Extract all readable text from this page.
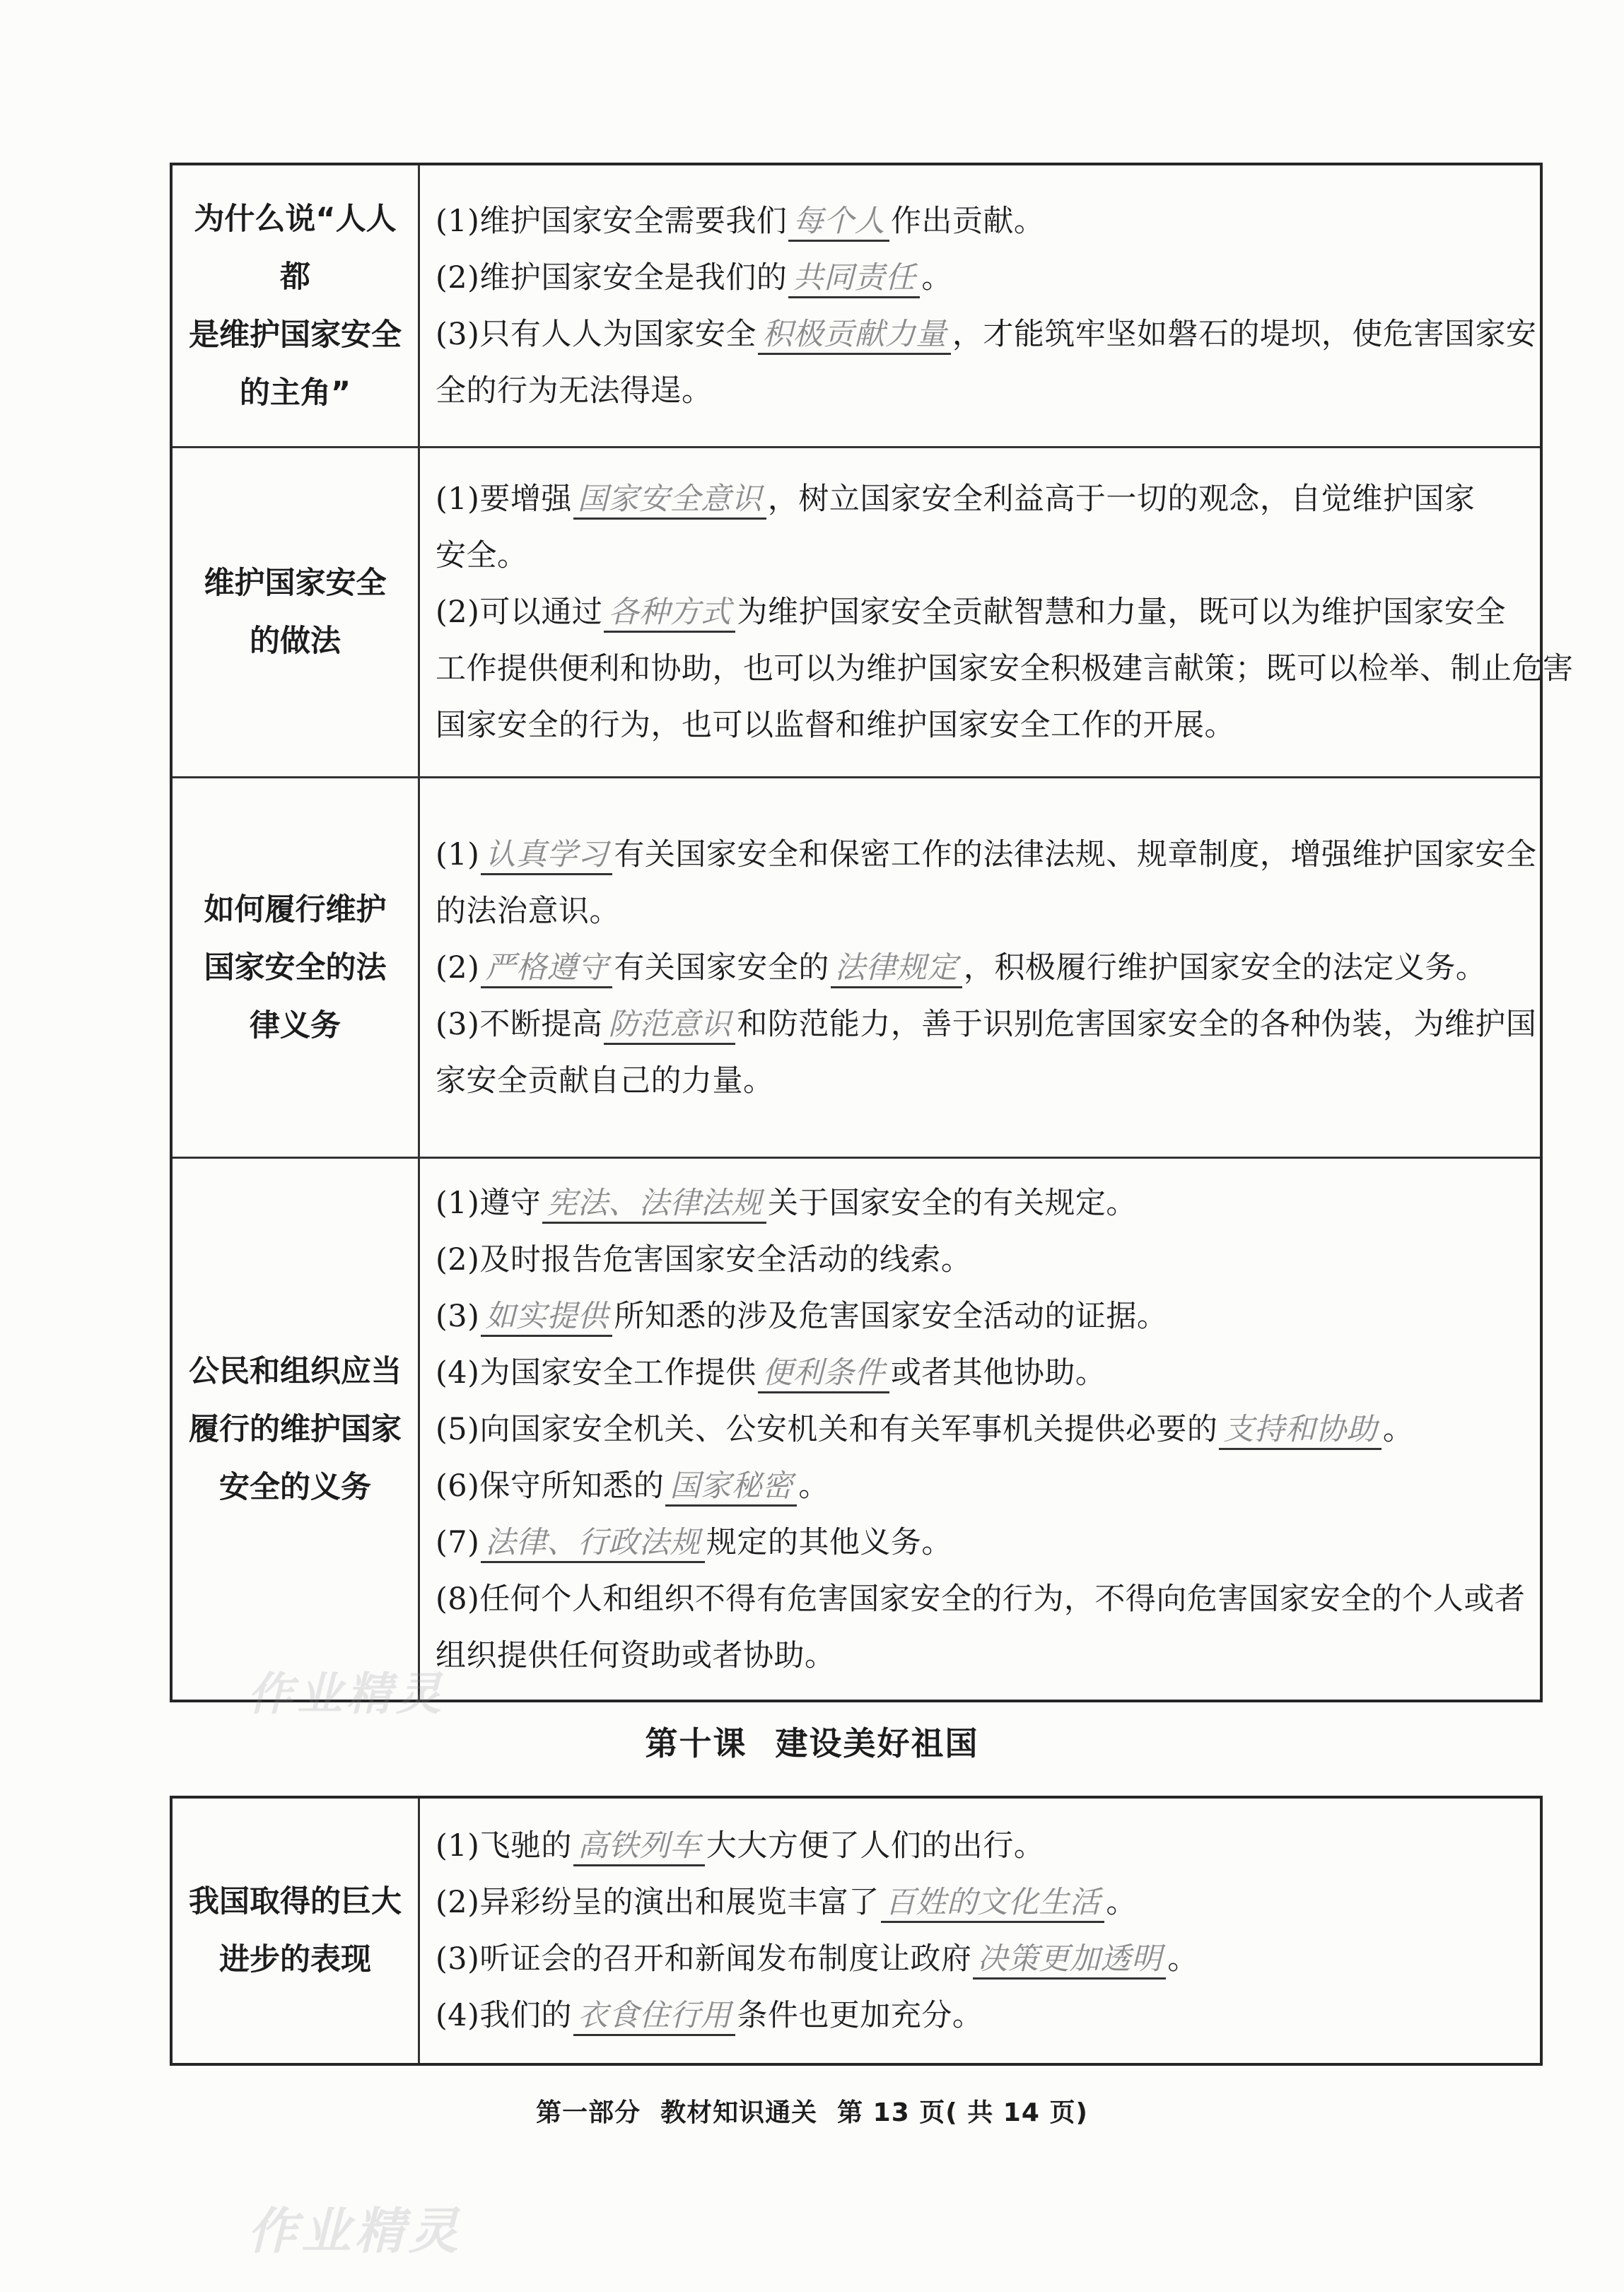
为什么说“人人都
是维护国家安全
的主角”
(1)维护国家安全需要我们 每个人 作出贡献。
(2)维护国家安全是我们的 共同责任 。
(3)只有人人为国家安全 积极贡献力量 ，才能筑牢坚如磐石的堤坝，使危害国家安
全的行为无法得逞。
维护国家安全
的做法
(1)要增强 国家安全意识 ，树立国家安全利益高于一切的观念，自觉维护国家
安全。
(2)可以通过 各种方式 为维护国家安全贡献智慧和力量，既可以为维护国家安全
工作提供便利和协助，也可以为维护国家安全积极建言献策；既可以检举、制止危害
国家安全的行为，也可以监督和维护国家安全工作的开展。
如何履行维护
国家安全的法
律义务
(1) 认真学习 有关国家安全和保密工作的法律法规、规章制度，增强维护国家安全
的法治意识。
(2) 严格遵守 有关国家安全的 法律规定 ，积极履行维护国家安全的法定义务。
(3)不断提高 防范意识 和防范能力，善于识别危害国家安全的各种伪装，为维护国
家安全贡献自己的力量。
公民和组织应当
履行的维护国家
安全的义务
(1)遵守 宪法、法律法规 关于国家安全的有关规定。
(2)及时报告危害国家安全活动的线索。
(3) 如实提供 所知悉的涉及危害国家安全活动的证据。
(4)为国家安全工作提供 便利条件 或者其他协助。
(5)向国家安全机关、公安机关和有关军事机关提供必要的 支持和协助 。
(6)保守所知悉的 国家秘密 。
(7) 法律、行政法规 规定的其他义务。
(8)任何个人和组织不得有危害国家安全的行为，不得向危害国家安全的个人或者
组织提供任何资助或者协助。
第十课 建设美好祖国
我国取得的巨大
进步的表现
(1)飞驰的 高铁列车 大大方便了人们的出行。
(2)异彩纷呈的演出和展览丰富了 百姓的文化生活 。
(3)听证会的召开和新闻发布制度让政府 决策更加透明 。
(4)我们的 衣食住行用 条件也更加充分。
第一部分 教材知识通关 第 13 页( 共 14 页)
作业精灵
作业精灵
